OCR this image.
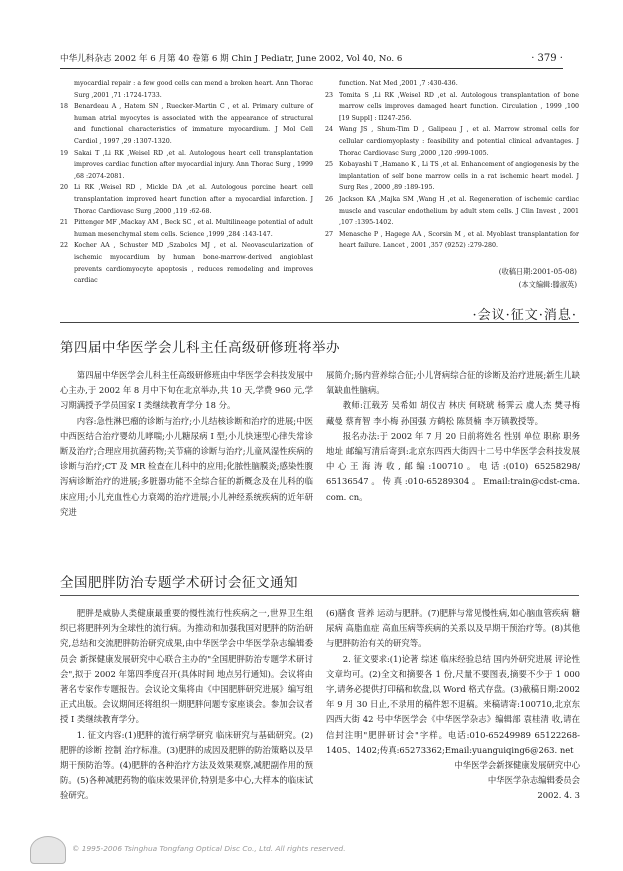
中华儿科杂志 2002 年 6 月第 40 卷第 6 期 Chin J Pediatr, June 2002, Vol 40, No. 6	· 379 ·
myocardial repair : a few good cells can mend a broken heart. Ann Thorac Surg ,2001 ,71 :1724-1733.
18 Benardeau A , Hatem SN , Ruecker-Martin C , et al. Primary culture of human atrial myocytes is associated with the appearance of structural and functional characteristics of immature myocardium. J Mol Cell Cardiol , 1997 ,29 :1307-1320.
19 Sakai T ,Li RK ,Weisel RD ,et al. Autologous heart cell transplantation improves cardiac function after myocardial injury. Ann Thorac Surg , 1999 ,68 :2074-2081.
20 Li RK ,Weisel RD , Mickle DA ,et al. Autologous porcine heart cell transplantation improved heart function after a myocardial infarction. J Thorac Cardiovasc Surg ,2000 ,119 :62-68.
21 Pittenger MF ,Mackay AM , Beck SC , et al. Multilineage potential of adult human mesenchymal stem cells. Science ,1999 ,284 :143-147.
22 Kocher AA , Schuster MD ,Szabolcs MJ , et al. Neovascularization of ischemic myocardium by human bone-marrow-derived angioblast prevents cardiomyocyte apoptosis , reduces remodeling and improves cardiac
function. Nat Med ,2001 ,7 :430-436.
23 Tomita S ,Li RK ,Weisel RD ,et al. Autologous transplantation of bone marrow cells improves damaged heart function. Circulation , 1999 ,100 [19 Suppl] : II247-256.
24 Wang JS , Shum-Tim D , Galipeau J , et al. Marrow stromal cells for cellular cardiomyoplasty : feasibility and potential clinical advantages. J Thorac Cardiovasc Surg ,2000 ,120 :999-1005.
25 Kobayashi T ,Hamano K , Li TS ,et al. Enhancement of angiogenesis by the implantation of self bone marrow cells in a rat ischemic heart model. J Surg Res , 2000 ,89 :189-195.
26 Jackson KA ,Majka SM ,Wang H ,et al. Regeneration of ischemic cardiac muscle and vascular endothelium by adult stem cells. J Clin Invest , 2001 ,107 :1395-1402.
27 Menasche P , Hagege AA , Scorsin M , et al. Myoblast transplantation for heart failure. Lancet , 2001 ,357 (9252) :279-280.
(收稿日期:2001-05-08)
(本文编辑:滕淑英)
·会议·征文·消息·
第四届中华医学会儿科主任高级研修班将举办

第四届中华医学会儿科主任高级研修班由中华医学会科技发展中心主办,于 2002 年 8 月中下旬在北京举办,共 10 天,学费 960 元,学习期满授予学员国家 I 类继续教育学分 18 分。

内容:急性淋巴瘤的诊断与治疗;小儿结核诊断和治疗的进展;中医中西医结合治疗婴幼儿哮喘;小儿糖尿病 I 型;小儿快速型心律失常诊断及治疗;合理应用抗菌药物;关节痛的诊断与治疗;儿童风湿性疾病的诊断与治疗;CT 及 MR 检查在儿科中的应用;化脓性脑膜炎;感染性腹泻病诊断治疗的进展;多脏器功能不全综合征的新概念及在儿科的临床应用;小儿充血性心力衰竭的治疗进展;小儿神经系统疾病的近年研究进

展简介;肠内营养综合征;小儿肾病综合征的诊断及治疗进展;新生儿缺氧缺血性脑病。

教师:江载芳 吴希如 胡仪吉 林庆 何晓琥 杨霁云 虞人杰 樊寻梅 藏曼 蔡育智 李小梅 孙国强 方鹤松 陈贤楠 李万镇教授等。

报名办法:于 2002 年 7 月 20 日前将姓名 性别 单位 职称 职务 地址 邮编写清后寄到:北京东四西大街四十二号中华医学会科技发展中心王海涛收,邮编:100710。电话:(010) 65258298/ 65136547。传真:010-65289304。Email:train@cdst-cma. com. cn。

全国肥胖防治专题学术研讨会征文通知

肥胖是威胁人类健康最重要的慢性流行性疾病之一,世界卫生组织已将肥胖列为全球性的流行病。为推动和加强我国对肥胖的防治研究,总结和交流肥胖防治研究成果,由中华医学会中华医学杂志编辑委员会 新探健康发展研究中心联合主办的"全国肥胖防治专题学术研讨会",拟于 2002 年第四季度召开(具体时间 地点另行通知)。会议将由著名专家作专题报告。会议论文集将由《中国肥胖研究进展》编写组正式出版。会议期间还将组织一期肥胖问题专家座谈会。参加会议者授 I 类继续教育学分。

1. 征文内容:(1)肥胖的流行病学研究 临床研究与基础研究。(2)肥胖的诊断 控制 治疗标准。(3)肥胖的成因及肥胖的防治策略以及早期干预防治等。(4)肥胖的各种治疗方法及效果观察,减肥副作用的预防。(5)各种减肥药物的临床效果评价,特别是多中心,大样本的临床试验研究。

(6)膳食 营养 运动与肥胖。(7)肥胖与常见慢性病,如心脑血管疾病 糖尿病 高脂血症 高血压病等疾病的关系以及早期干预治疗等。(8)其他与肥胖防治有关的研究等。

2. 征文要求:(1)论著 综述 临床经验总结 国内外研究进展 评论性文章均可。(2)全文和摘要各 1 份,尺量不要图表,摘要不少于 1 000 字,请务必提供打印稿和软盘,以 Word 格式存盘。(3)截稿日期:2002 年 9 月 30 日止,不录用的稿件恕不退稿。来稿请寄:100710,北京东四西大街 42 号中华医学会《中华医学杂志》编辑部 袁桂清 收,请在信封注明"肥胖研讨会"字样。电话:010-65249989 65122268-1405、1402;传真:65273362;Email:yuanguiqing6@263. net

中华医学会新探健康发展研究中心

中华医学杂志编辑委员会

2002. 4. 3

© 1995-2006 Tsinghua Tongfang Optical Disc Co., Ltd. All rights reserved.
